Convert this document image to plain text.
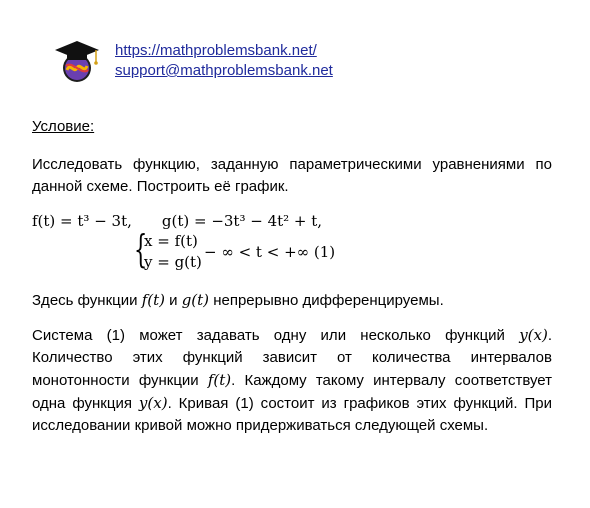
https://mathproblemsbank.net/
support@mathproblemsbank.net
Условие:
Исследовать функцию, заданную параметрическими уравнениями по данной схеме. Построить её график.
f(t) = t³ − 3t, g(t) = −3t³ − 4t² + t,
{
x = f(t)
y = g(t)
− ∞ < t < +∞ (1)
Здесь функции f(t) и g(t) непрерывно дифференцируемы.
Система (1) может задавать одну или несколько функций y(x). Количество этих функций зависит от количества интервалов монотонности функции f(t). Каждому такому интервалу соответствует одна функция y(x). Кривая (1) состоит из графиков этих функций. При исследовании кривой можно придерживаться следующей схемы.
